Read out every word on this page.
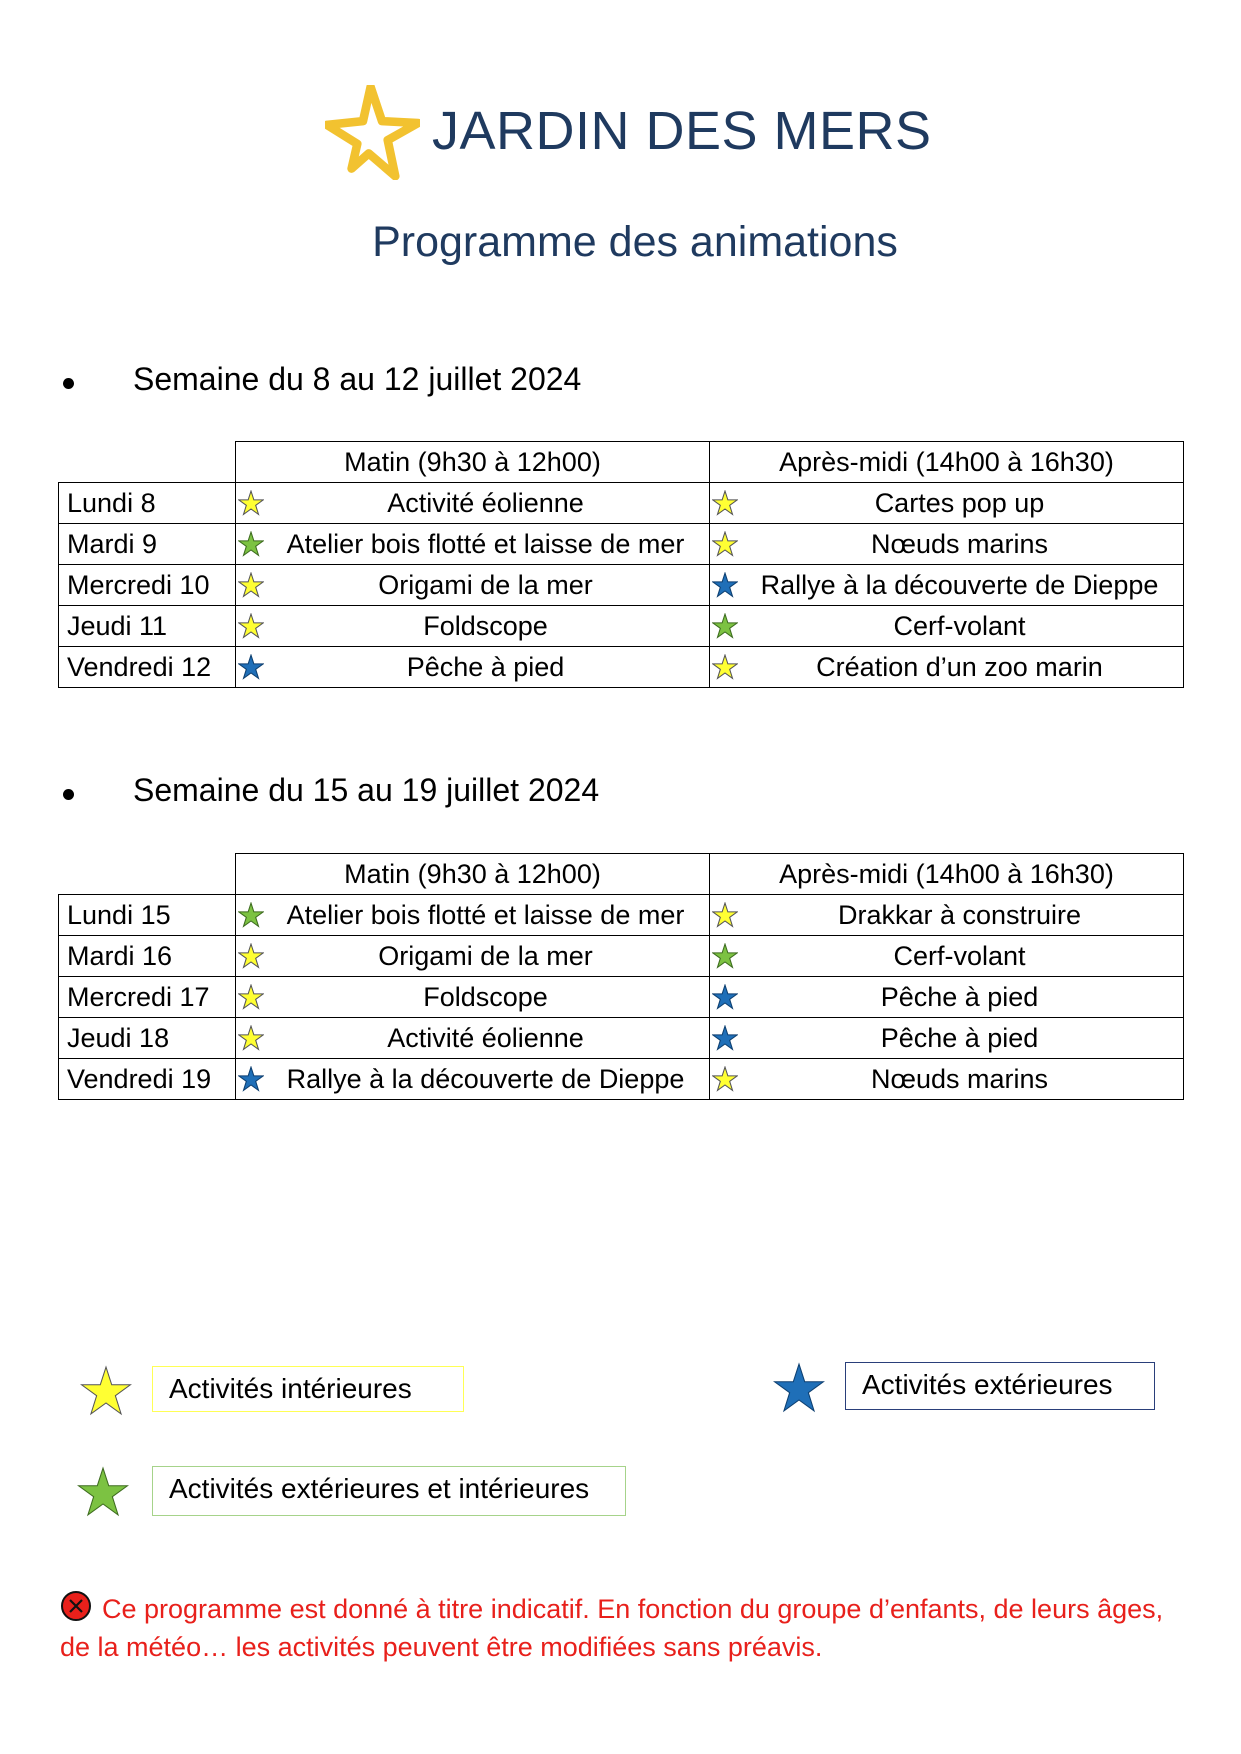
JARDIN DES MERS
Programme des animations
Semaine du 8 au 12 juillet 2024
	Matin (9h30 à 12h00)	Après-midi (14h00 à 16h30)
Lundi 8	Activité éolienne	Cartes pop up
Mardi 9	Atelier bois flotté et laisse de mer	Nœuds marins
Mercredi 10	Origami de la mer	Rallye à la découverte de Dieppe
Jeudi 11	Foldscope	Cerf-volant
Vendredi 12	Pêche à pied	Création d’un zoo marin
Semaine du 15 au 19 juillet 2024
	Matin (9h30 à 12h00)	Après-midi (14h00 à 16h30)
Lundi 15	Atelier bois flotté et laisse de mer	Drakkar à construire
Mardi 16	Origami de la mer	Cerf-volant
Mercredi 17	Foldscope	Pêche à pied
Jeudi 18	Activité éolienne	Pêche à pied
Vendredi 19	Rallye à la découverte de Dieppe	Nœuds marins
Activités intérieures	Activités extérieures
Activités extérieures et intérieures
Ce programme est donné à titre indicatif. En fonction du groupe d’enfants, de leurs âges, de la météo… les activités peuvent être modifiées sans préavis.
